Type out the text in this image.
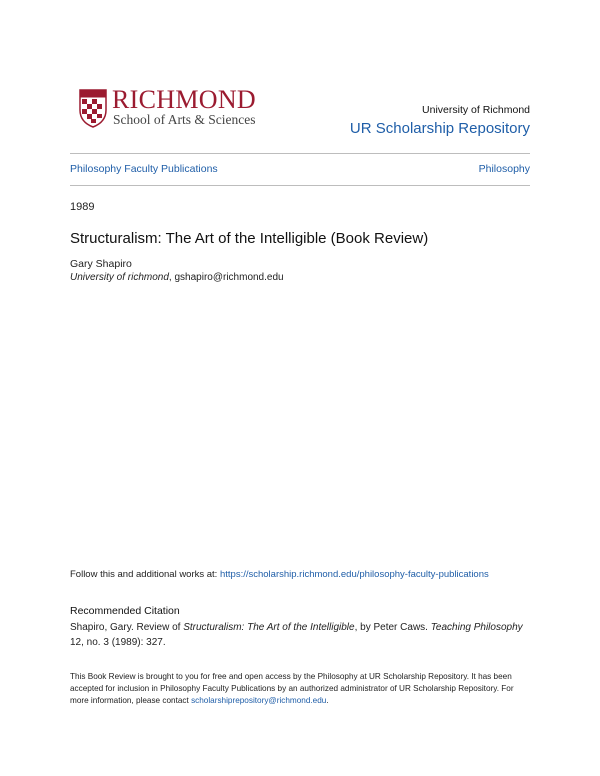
RICHMOND
School of Arts & Sciences
University of Richmond
UR Scholarship Repository
Philosophy Faculty Publications	Philosophy
1989
Structuralism: The Art of the Intelligible (Book Review)
Gary Shapiro
University of richmond, gshapiro@richmond.edu
Follow this and additional works at: https://scholarship.richmond.edu/philosophy-faculty-publications
Recommended Citation
Shapiro, Gary. Review of Structuralism: The Art of the Intelligible, by Peter Caws. Teaching Philosophy 12, no. 3 (1989): 327.
This Book Review is brought to you for free and open access by the Philosophy at UR Scholarship Repository. It has been accepted for inclusion in Philosophy Faculty Publications by an authorized administrator of UR Scholarship Repository. For more information, please contact scholarshiprepository@richmond.edu.
